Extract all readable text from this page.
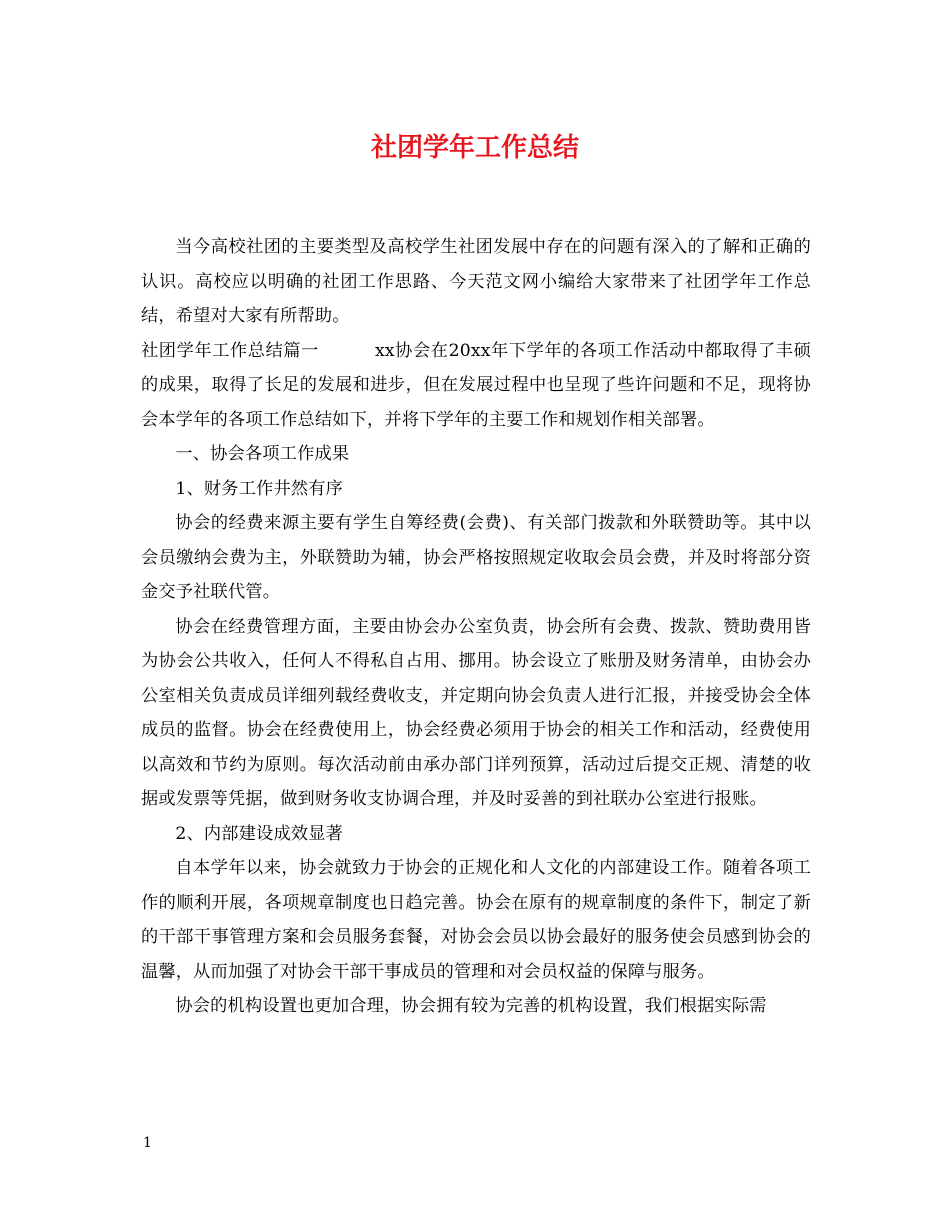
社团学年工作总结

当今高校社团的主要类型及高校学生社团发展中存在的问题有深入的了解和正确的认识。高校应以明确的社团工作思路、今天范文网小编给大家带来了社团学年工作总结，希望对大家有所帮助。

社团学年工作总结篇一	xx协会在20xx年下学年的各项工作活动中都取得了丰硕的成果，取得了长足的发展和进步，但在发展过程中也呈现了些许问题和不足，现将协会本学年的各项工作总结如下，并将下学年的主要工作和规划作相关部署。

一、协会各项工作成果

1、财务工作井然有序

协会的经费来源主要有学生自筹经费(会费)、有关部门拨款和外联赞助等。其中以会员缴纳会费为主，外联赞助为辅，协会严格按照规定收取会员会费，并及时将部分资金交予社联代管。

协会在经费管理方面，主要由协会办公室负责，协会所有会费、拨款、赞助费用皆为协会公共收入，任何人不得私自占用、挪用。协会设立了账册及财务清单，由协会办公室相关负责成员详细列载经费收支，并定期向协会负责人进行汇报，并接受协会全体成员的监督。协会在经费使用上，协会经费必须用于协会的相关工作和活动，经费使用以高效和节约为原则。每次活动前由承办部门详列预算，活动过后提交正规、清楚的收据或发票等凭据，做到财务收支协调合理，并及时妥善的到社联办公室进行报账。

2、内部建设成效显著

自本学年以来，协会就致力于协会的正规化和人文化的内部建设工作。随着各项工作的顺利开展，各项规章制度也日趋完善。协会在原有的规章制度的条件下，制定了新的干部干事管理方案和会员服务套餐，对协会会员以协会最好的服务使会员感到协会的温馨，从而加强了对协会干部干事成员的管理和对会员权益的保障与服务。

协会的机构设置也更加合理，协会拥有较为完善的机构设置，我们根据实际需

1
